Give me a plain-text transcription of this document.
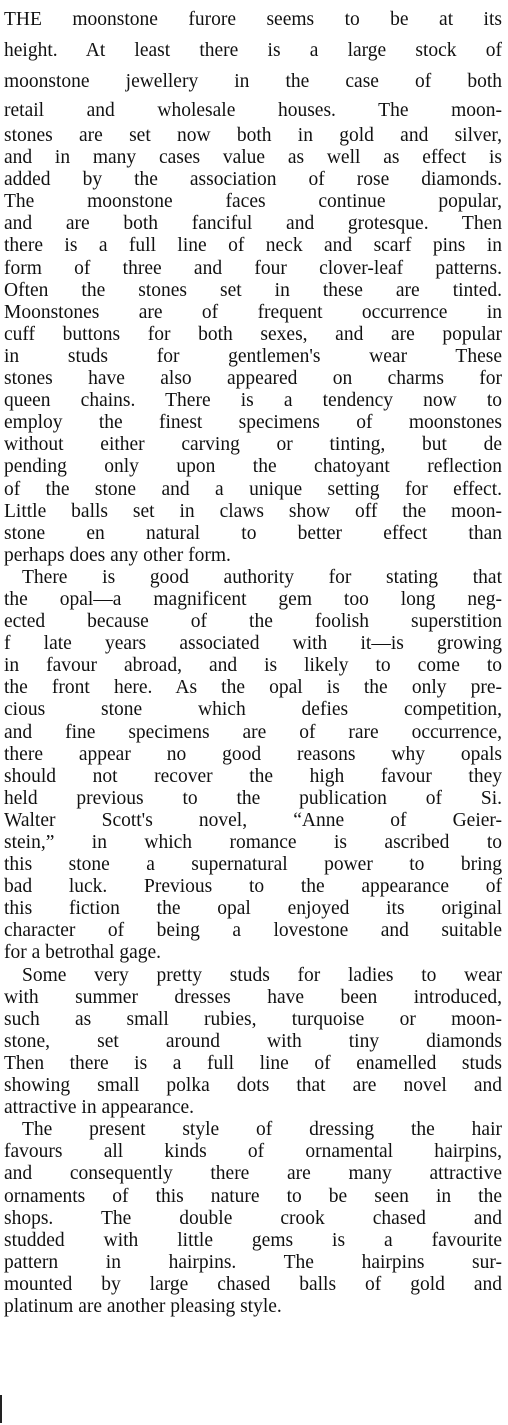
THE moonstone furore seems to be at its
height. At least there is a large stock of
moonstone jewellery in the case of both
retail and wholesale houses. The moon-
stones are set now both in gold and silver,
and in many cases value as well as effect is
added by the association of rose diamonds.
The moonstone faces continue popular,
and are both fanciful and grotesque. Then
there is a full line of neck and scarf pins in
form of three and four clover-leaf patterns.
Often the stones set in these are tinted.
Moonstones are of frequent occurrence in
cuff buttons for both sexes, and are popular
in studs for gentlemen's wear These
stones have also appeared on charms for
queen chains. There is a tendency now to
employ the finest specimens of moonstones
without either carving or tinting, but de
pending only upon the chatoyant reflection
of the stone and a unique setting for effect.
Little balls set in claws show off the moon-
stone en natural to better effect than
perhaps does any other form.

There is good authority for stating that
the opal—a magnificent gem too long neg-
ected because of the foolish superstition
f late years associated with it—is growing
in favour abroad, and is likely to come to
the front here. As the opal is the only pre-
cious stone which defies competition,
and fine specimens are of rare occurrence,
there appear no good reasons why opals
should not recover the high favour they
held previous to the publication of Si.
Walter Scott's novel, “Anne of Geier-
stein,” in which romance is ascribed to
this stone a supernatural power to bring
bad luck. Previous to the appearance of
this fiction the opal enjoyed its original
character of being a lovestone and suitable
for a betrothal gage.

Some very pretty studs for ladies to wear
with summer dresses have been introduced,
such as small rubies, turquoise or moon-
stone, set around with tiny diamonds
Then there is a full line of enamelled studs
showing small polka dots that are novel and
attractive in appearance.

The present style of dressing the hair
favours all kinds of ornamental hairpins,
and consequently there are many attractive
ornaments of this nature to be seen in the
shops. The double crook chased and
studded with little gems is a favourite
pattern in hairpins. The hairpins sur-
mounted by large chased balls of gold and
platinum are another pleasing style.
